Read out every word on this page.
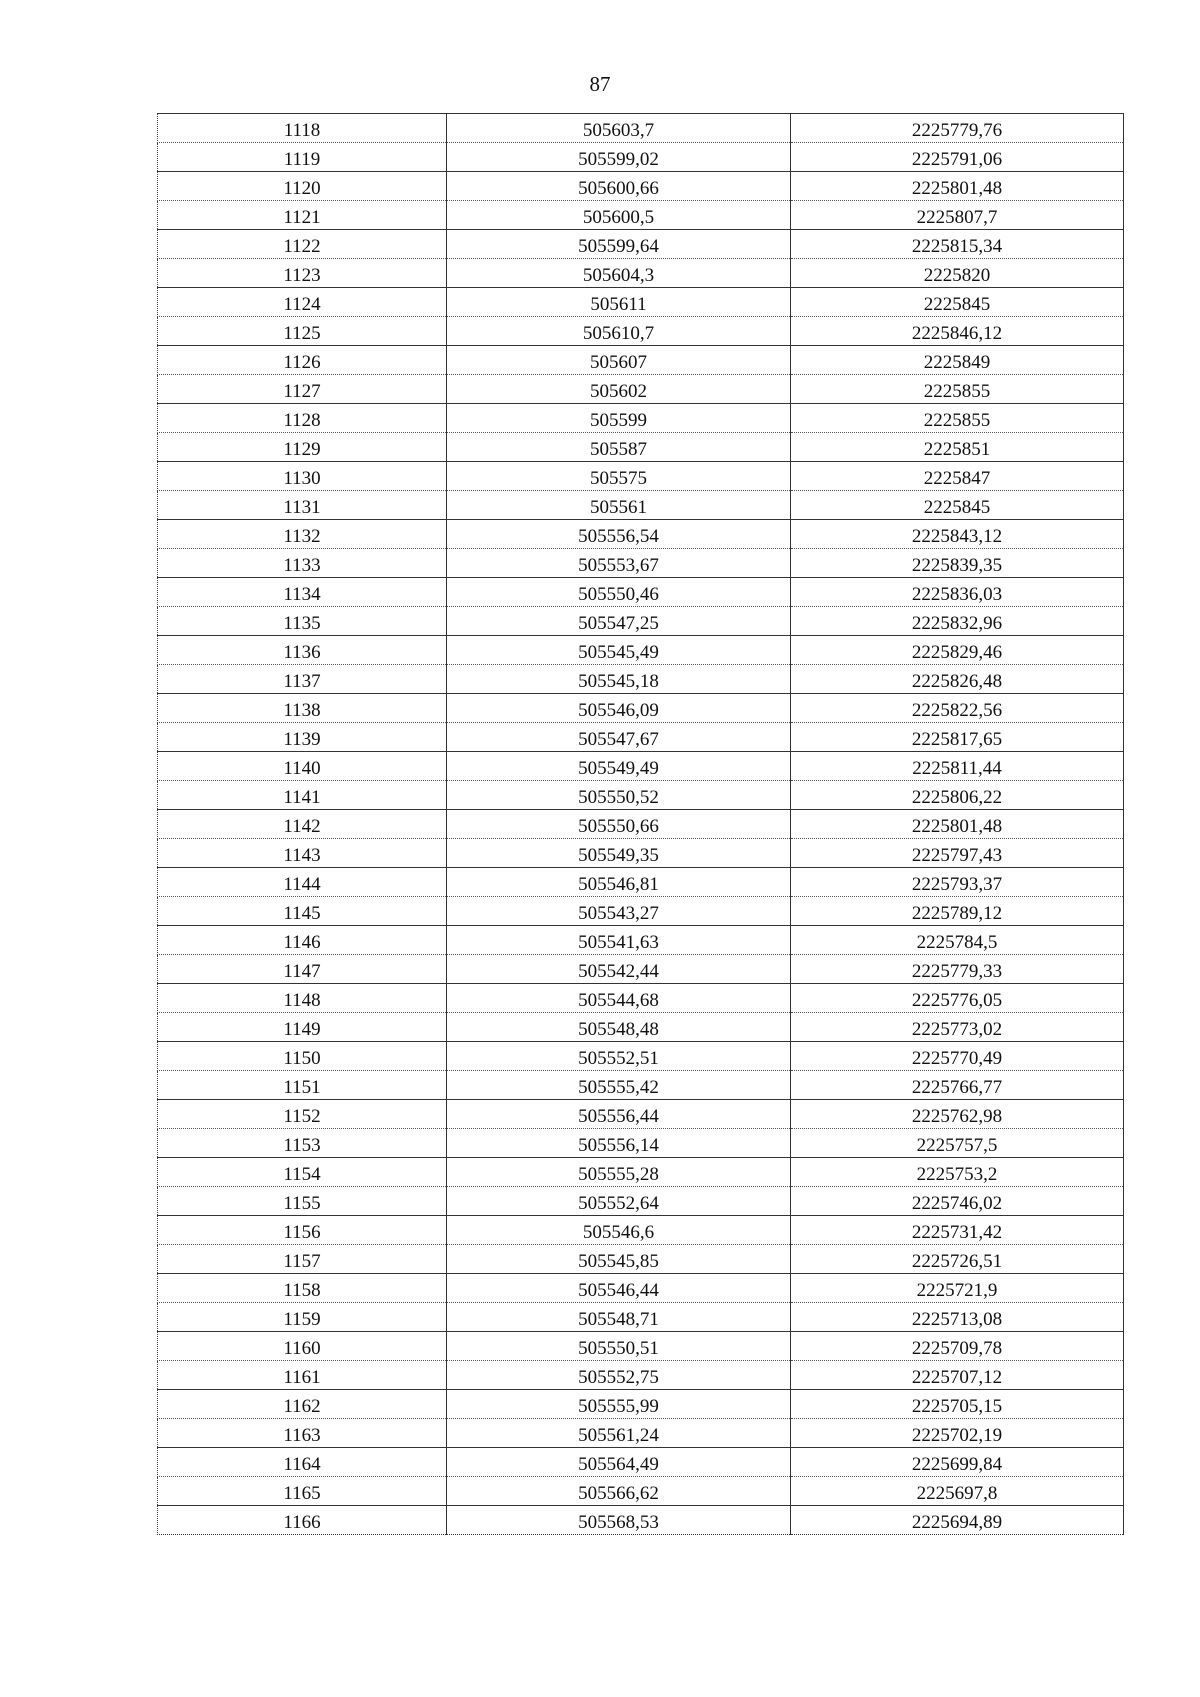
87
1118	505603,7	2225779,76
1119	505599,02	2225791,06
1120	505600,66	2225801,48
1121	505600,5	2225807,7
1122	505599,64	2225815,34
1123	505604,3	2225820
1124	505611	2225845
1125	505610,7	2225846,12
1126	505607	2225849
1127	505602	2225855
1128	505599	2225855
1129	505587	2225851
1130	505575	2225847
1131	505561	2225845
1132	505556,54	2225843,12
1133	505553,67	2225839,35
1134	505550,46	2225836,03
1135	505547,25	2225832,96
1136	505545,49	2225829,46
1137	505545,18	2225826,48
1138	505546,09	2225822,56
1139	505547,67	2225817,65
1140	505549,49	2225811,44
1141	505550,52	2225806,22
1142	505550,66	2225801,48
1143	505549,35	2225797,43
1144	505546,81	2225793,37
1145	505543,27	2225789,12
1146	505541,63	2225784,5
1147	505542,44	2225779,33
1148	505544,68	2225776,05
1149	505548,48	2225773,02
1150	505552,51	2225770,49
1151	505555,42	2225766,77
1152	505556,44	2225762,98
1153	505556,14	2225757,5
1154	505555,28	2225753,2
1155	505552,64	2225746,02
1156	505546,6	2225731,42
1157	505545,85	2225726,51
1158	505546,44	2225721,9
1159	505548,71	2225713,08
1160	505550,51	2225709,78
1161	505552,75	2225707,12
1162	505555,99	2225705,15
1163	505561,24	2225702,19
1164	505564,49	2225699,84
1165	505566,62	2225697,8
1166	505568,53	2225694,89
